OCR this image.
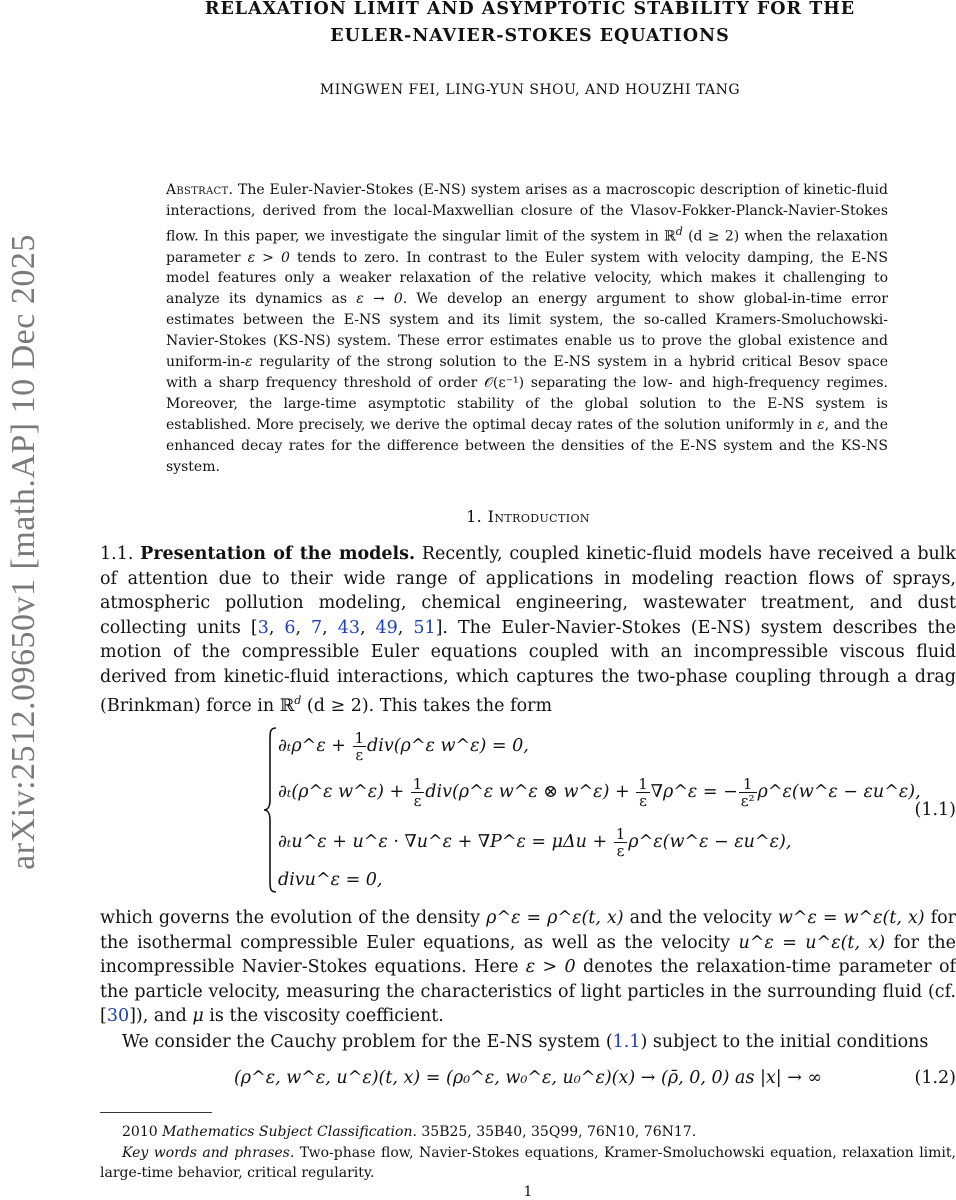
arXiv:2512.09650v1 [math.AP] 10 Dec 2025
RELAXATION LIMIT AND ASYMPTOTIC STABILITY FOR THE
EULER-NAVIER-STOKES EQUATIONS
MINGWEN FEI, LING-YUN SHOU, AND HOUZHI TANG
Abstract. The Euler-Navier-Stokes (E-NS) system arises as a macroscopic description of kinetic-fluid interactions, derived from the local-Maxwellian closure of the Vlasov-Fokker-Planck-Navier-Stokes flow. In this paper, we investigate the singular limit of the system in ℝ$^d$ (d ≥ 2) when the relaxation parameter ε > 0 tends to zero. In contrast to the Euler system with velocity damping, the E-NS model features only a weaker relaxation of the relative velocity, which makes it challenging to analyze its dynamics as ε → 0. We develop an energy argument to show global-in-time error estimates between the E-NS system and its limit system, the so-called Kramers-Smoluchowski-Navier-Stokes (KS-NS) system. These error estimates enable us to prove the global existence and uniform-in-ε regularity of the strong solution to the E-NS system in a hybrid critical Besov space with a sharp frequency threshold of order 𝒪(ε⁻¹) separating the low- and high-frequency regimes. Moreover, the large-time asymptotic stability of the global solution to the E-NS system is established. More precisely, we derive the optimal decay rates of the solution uniformly in ε, and the enhanced decay rates for the difference between the densities of the E-NS system and the KS-NS system.
1. Introduction
1.1. Presentation of the models. Recently, coupled kinetic-fluid models have received a bulk of attention due to their wide range of applications in modeling reaction flows of sprays, atmospheric pollution modeling, chemical engineering, wastewater treatment, and dust collecting units [3, 6, 7, 43, 49, 51]. The Euler-Navier-Stokes (E-NS) system describes the motion of the compressible Euler equations coupled with an incompressible viscous fluid derived from kinetic-fluid interactions, which captures the two-phase coupling through a drag (Brinkman) force in ℝ$^d$ (d ≥ 2). This takes the form
∂ₜρ^ε + $\frac{1}{\varepsilon}$ div(ρ^ε w^ε) = 0,
∂ₜ(ρ^ε w^ε) + $\frac{1}{\varepsilon}$ div(ρ^ε w^ε ⊗ w^ε) + $\frac{1}{\varepsilon}$ ∇ρ^ε = − $\frac{1}{\text{ε²}}$ ρ^ε(w^ε − εu^ε),
∂ₜu^ε + u^ε · ∇u^ε + ∇P^ε = $\mu\Delta u + \frac{1}{\varepsilon}$ ρ^ε(w^ε − εu^ε),
divu^ε = 0,
(1.1)
which governs the evolution of the density ρ^ε = ρ^ε(t, x) and the velocity w^ε = w^ε(t, x) for the isothermal compressible Euler equations, as well as the velocity u^ε = u^ε(t, x) for the incompressible Navier-Stokes equations. Here ε > 0 denotes the relaxation-time parameter of the particle velocity, measuring the characteristics of light particles in the surrounding fluid (cf. [30]), and μ is the viscosity coefficient.
We consider the Cauchy problem for the E-NS system (1.1) subject to the initial conditions
(ρ^ε, w^ε, u^ε)(t, x) = (ρ₀^ε, w₀^ε, u₀^ε)(x) → (ρ̄, 0, 0) as |x| → ∞	(1.2)

2010 Mathematics Subject Classification. 35B25, 35B40, 35Q99, 76N10, 76N17.

Key words and phrases. Two-phase flow, Navier-Stokes equations, Kramer-Smoluchowski equation, relaxation limit, large-time behavior, critical regularity.

1
